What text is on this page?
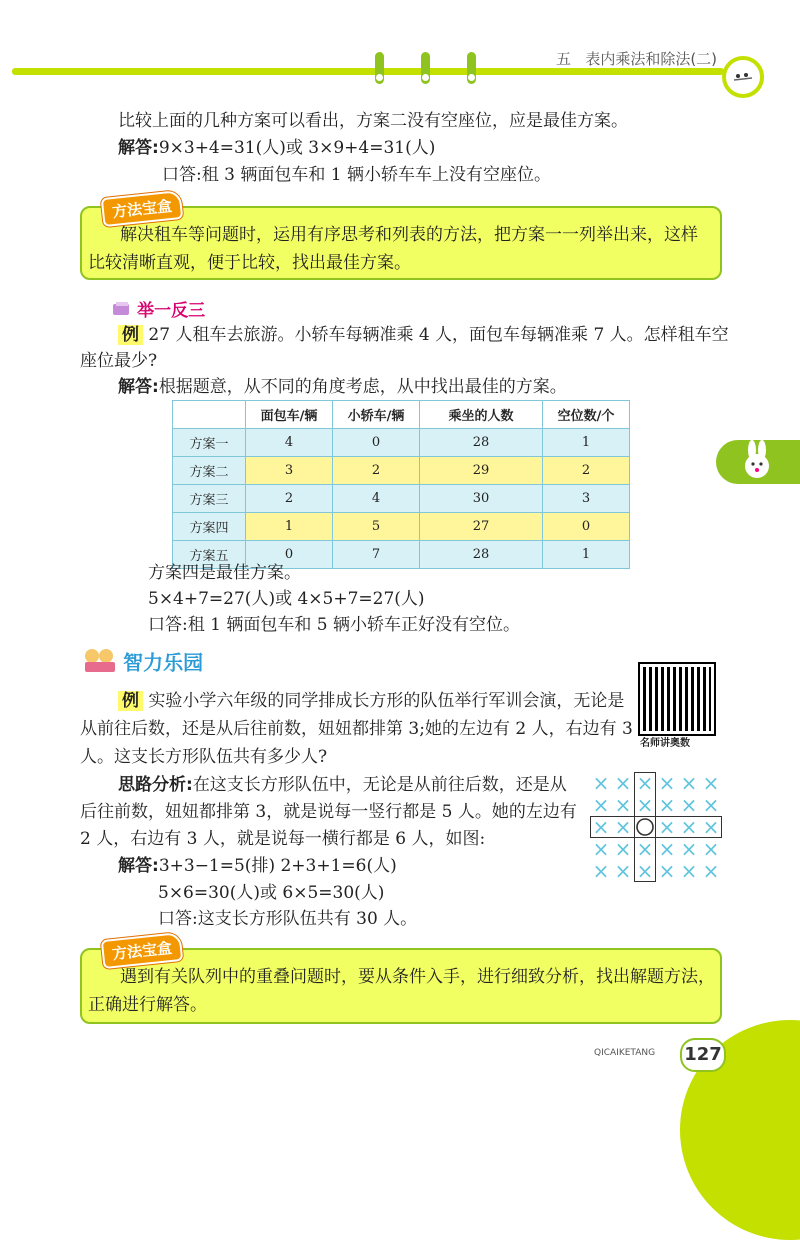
五 表内乘法和除法(二)
比较上面的几种方案可以看出，方案二没有空座位，应是最佳方案。
解答:9×3+4=31(人)或 3×9+4=31(人)
口答:租 3 辆面包车和 1 辆小轿车车上没有空座位。
解决租车等问题时，运用有序思考和列表的方法，把方案一一列举出来，这样
比较清晰直观，便于比较，找出最佳方案。
方法宝盒
举一反三
例 27 人租车去旅游。小轿车每辆准乘 4 人，面包车每辆准乘 7 人。怎样租车空
座位最少?
解答:根据题意，从不同的角度考虑，从中找出最佳的方案。
	面包车/辆	小轿车/辆	乘坐的人数	空位数/个
方案一	4	0	28	1
方案二	3	2	29	2
方案三	2	4	30	3
方案四	1	5	27	0
方案五	0	7	28	1
方案四是最佳方案。
5×4+7=27(人)或 4×5+7=27(人)
口答:租 1 辆面包车和 5 辆小轿车正好没有空位。
智力乐园
名师讲奥数
例 实验小学六年级的同学排成长方形的队伍举行军训会演，无论是
从前往后数，还是从后往前数，妞妞都排第 3;她的左边有 2 人，右边有 3
人。这支长方形队伍共有多少人?
思路分析:在这支长方形队伍中，无论是从前往后数，还是从
后往前数，妞妞都排第 3，就是说每一竖行都是 5 人。她的左边有
2 人，右边有 3 人，就是说每一横行都是 6 人，如图:
解答:3+3−1=5(排) 2+3+1=6(人)
5×6=30(人)或 6×5=30(人)
口答:这支长方形队伍共有 30 人。
× × × × × ×
× × × × × ×
× × × × ×
× × × × × ×
× × × × × ×
遇到有关队列中的重叠问题时，要从条件入手，进行细致分析，找出解题方法，
正确进行解答。
方法宝盒
QICAIKETANG 127
